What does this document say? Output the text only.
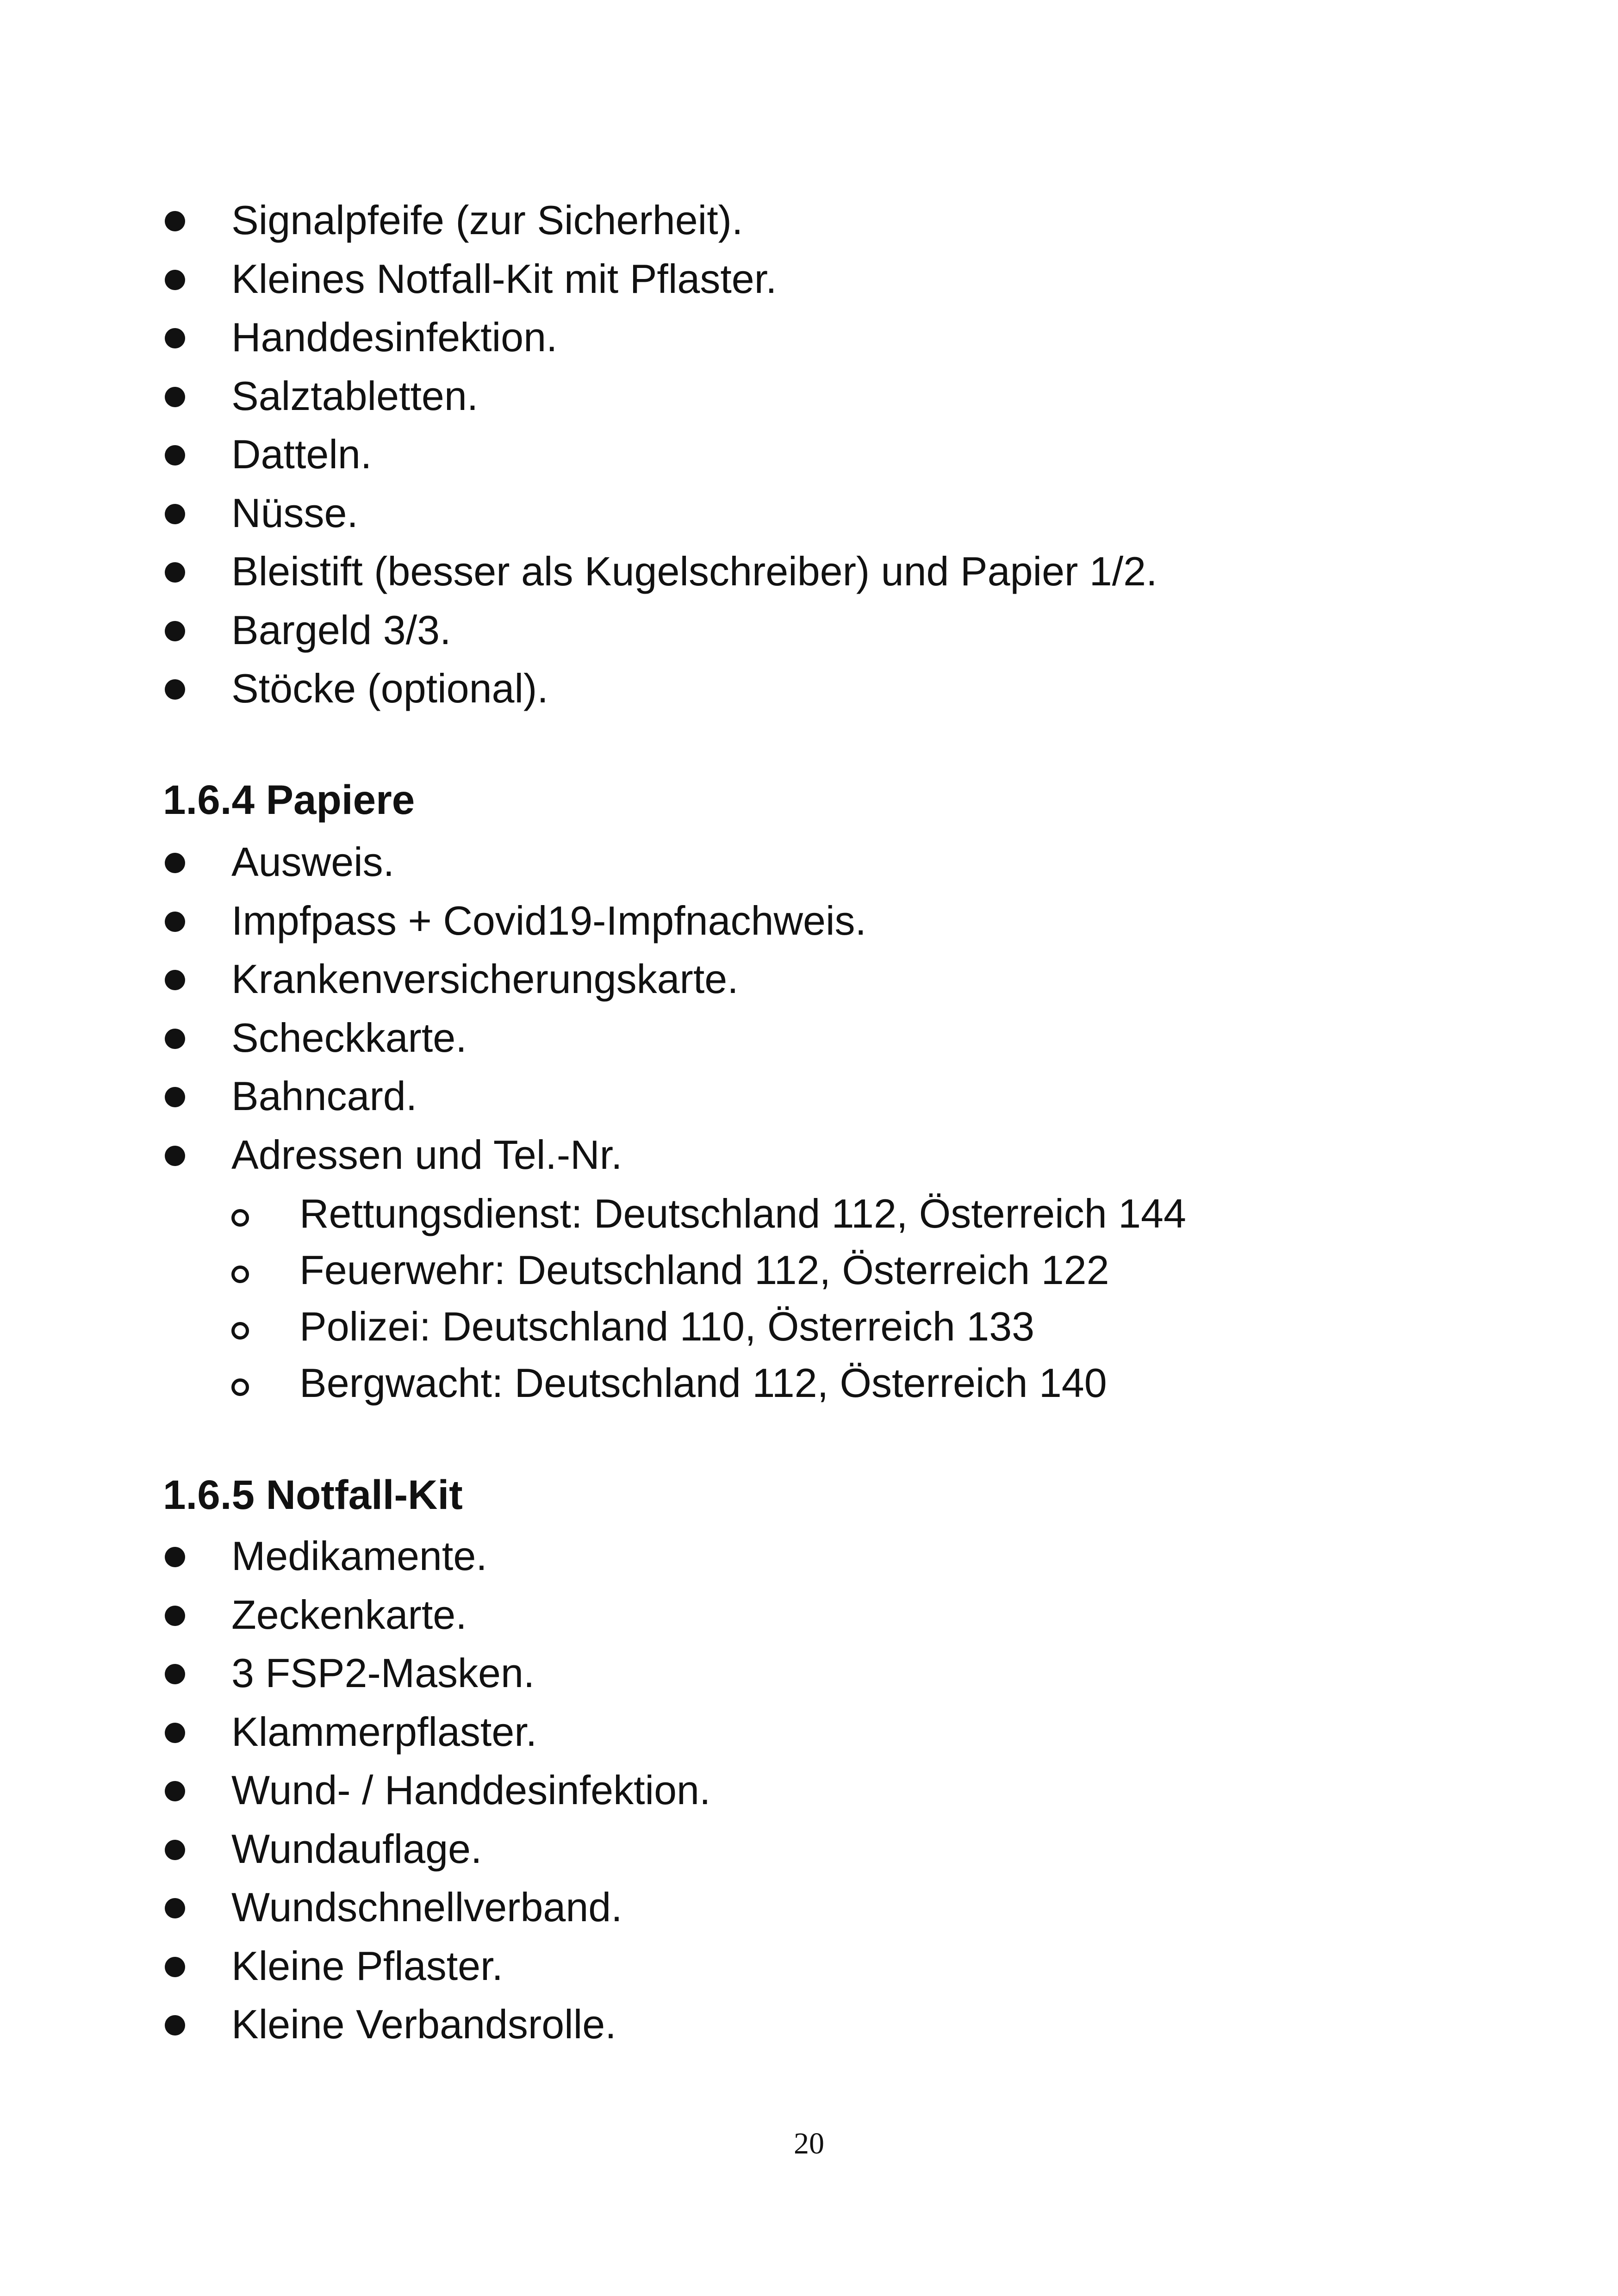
Signalpfeife (zur Sicherheit).
Kleines Notfall-Kit mit Pflaster.
Handdesinfektion.
Salztabletten.
Datteln.
Nüsse.
Bleistift (besser als Kugelschreiber) und Papier 1/2.
Bargeld 3/3.
Stöcke (optional).
1.6.4 Papiere
Ausweis.
Impfpass + Covid19-Impfnachweis.
Krankenversicherungskarte.
Scheckkarte.
Bahncard.
Adressen und Tel.-Nr.
Rettungsdienst: Deutschland 112, Österreich 144
Feuerwehr: Deutschland 112, Österreich 122
Polizei: Deutschland 110, Österreich 133
Bergwacht: Deutschland 112, Österreich 140
1.6.5 Notfall-Kit
Medikamente.
Zeckenkarte.
3 FSP2-Masken.
Klammerpflaster.
Wund- / Handdesinfektion.
Wundauflage.
Wundschnellverband.
Kleine Pflaster.
Kleine Verbandsrolle.
20
